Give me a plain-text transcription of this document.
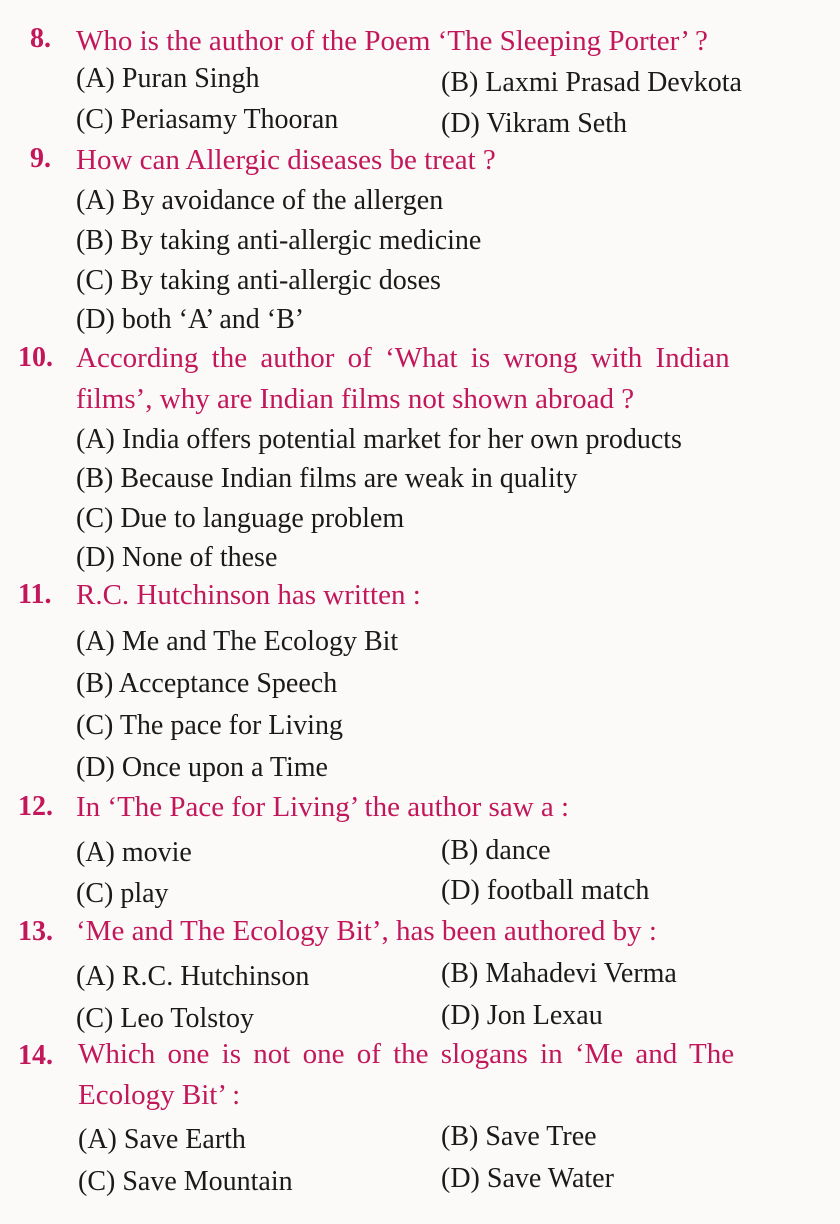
8. Who is the author of the Poem ‘The Sleeping Porter’ ?
(A) Puran Singh	(B) Laxmi Prasad Devkota
(C) Periasamy Thooran	(D) Vikram Seth
9. How can Allergic diseases be treat ?
(A) By avoidance of the allergen
(B) By taking anti-allergic medicine
(C) By taking anti-allergic doses
(D) both ‘A’ and ‘B’
10. According the author of ‘What is wrong with Indian
films’, why are Indian films not shown abroad ?
(A) India offers potential market for her own products
(B) Because Indian films are weak in quality
(C) Due to language problem
(D) None of these
11. R.C. Hutchinson has written :
(A) Me and The Ecology Bit
(B) Acceptance Speech
(C) The pace for Living
(D) Once upon a Time
12. In ‘The Pace for Living’ the author saw a :
(A) movie	(B) dance
(C) play	(D) football match
13. ‘Me and The Ecology Bit’, has been authored by :
(A) R.C. Hutchinson	(B) Mahadevi Verma
(C) Leo Tolstoy	(D) Jon Lexau
14. Which one is not one of the slogans in ‘Me and The
Ecology Bit’ :
(A) Save Earth	(B) Save Tree
(C) Save Mountain	(D) Save Water
